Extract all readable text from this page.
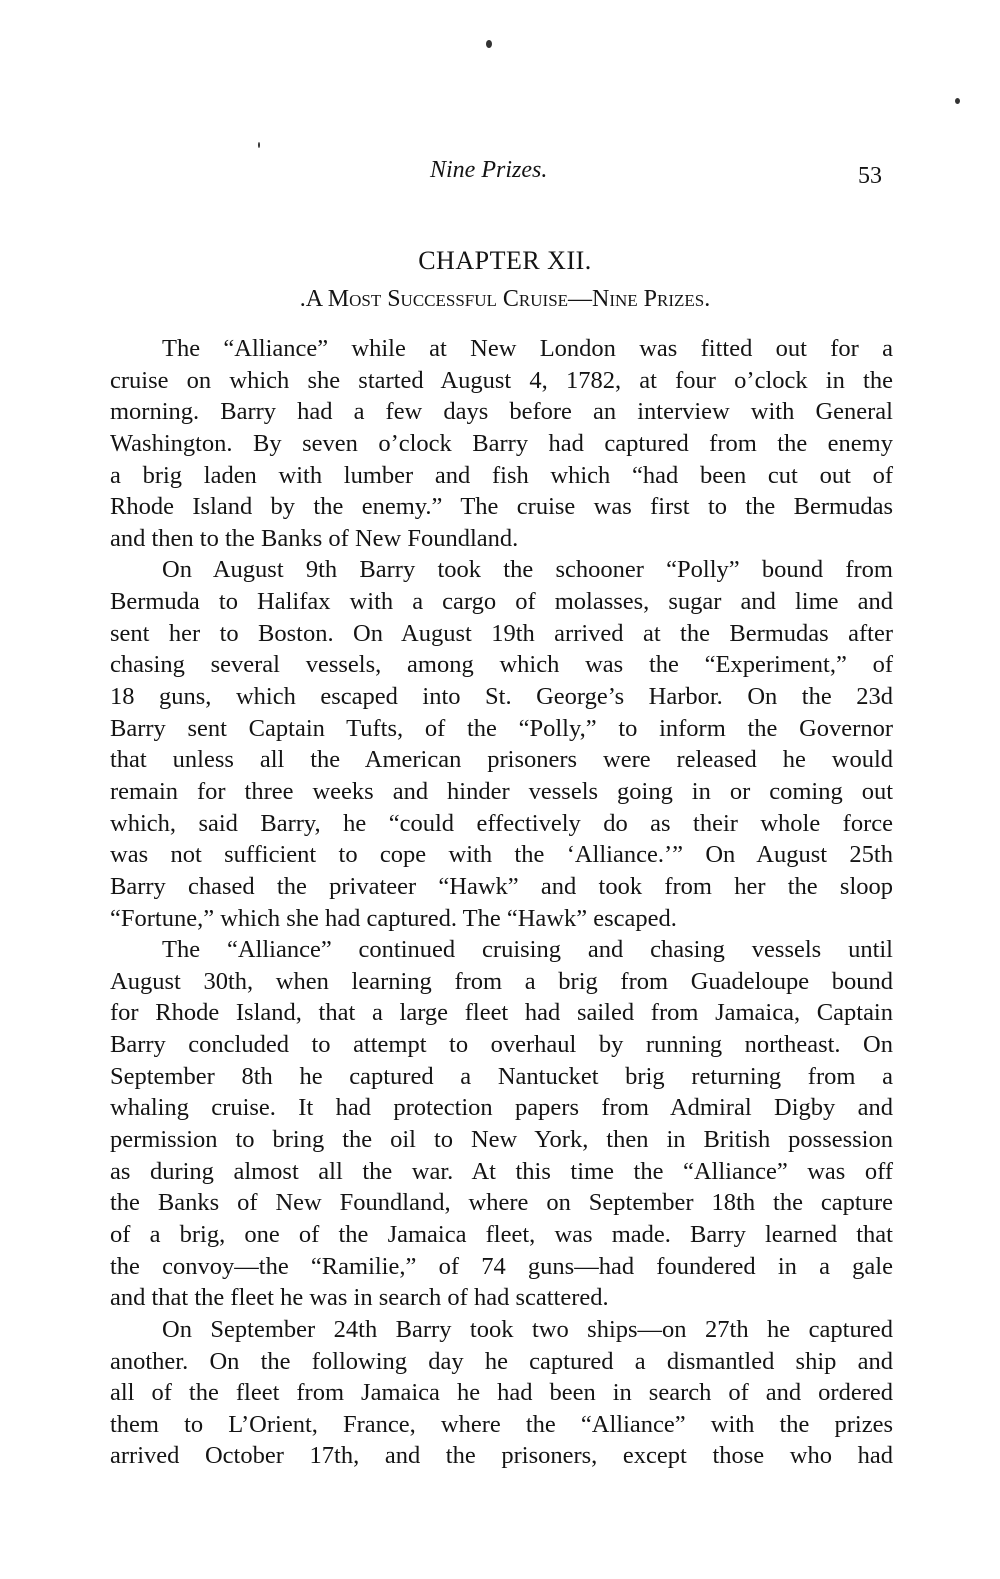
Nine Prizes.	53
CHAPTER XII.
.A Most Successful Cruise—Nine Prizes.
The “Alliance” while at New London was fitted out for a
cruise on which she started August 4, 1782, at four o’clock in the
morning. Barry had a few days before an interview with General
Washington. By seven o’clock Barry had captured from the enemy
a brig laden with lumber and fish which “had been cut out of
Rhode Island by the enemy.” The cruise was first to the Bermudas
and then to the Banks of New Foundland.
On August 9th Barry took the schooner “Polly” bound from
Bermuda to Halifax with a cargo of molasses, sugar and lime and
sent her to Boston. On August 19th arrived at the Bermudas after
chasing several vessels, among which was the “Experiment,” of
18 guns, which escaped into St. George’s Harbor. On the 23d
Barry sent Captain Tufts, of the “Polly,” to inform the Governor
that unless all the American prisoners were released he would
remain for three weeks and hinder vessels going in or coming out
which, said Barry, he “could effectively do as their whole force
was not sufficient to cope with the ‘Alliance.’” On August 25th
Barry chased the privateer “Hawk” and took from her the sloop
“Fortune,” which she had captured. The “Hawk” escaped.
The “Alliance” continued cruising and chasing vessels until
August 30th, when learning from a brig from Guadeloupe bound
for Rhode Island, that a large fleet had sailed from Jamaica, Captain
Barry concluded to attempt to overhaul by running northeast. On
September 8th he captured a Nantucket brig returning from a
whaling cruise. It had protection papers from Admiral Digby and
permission to bring the oil to New York, then in British possession
as during almost all the war. At this time the “Alliance” was off
the Banks of New Foundland, where on September 18th the capture
of a brig, one of the Jamaica fleet, was made. Barry learned that
the convoy—the “Ramilie,” of 74 guns—had foundered in a gale
and that the fleet he was in search of had scattered.
On September 24th Barry took two ships—on 27th he captured
another. On the following day he captured a dismantled ship and
all of the fleet from Jamaica he had been in search of and ordered
them to L’Orient, France, where the “Alliance” with the prizes
arrived October 17th, and the prisoners, except those who had
